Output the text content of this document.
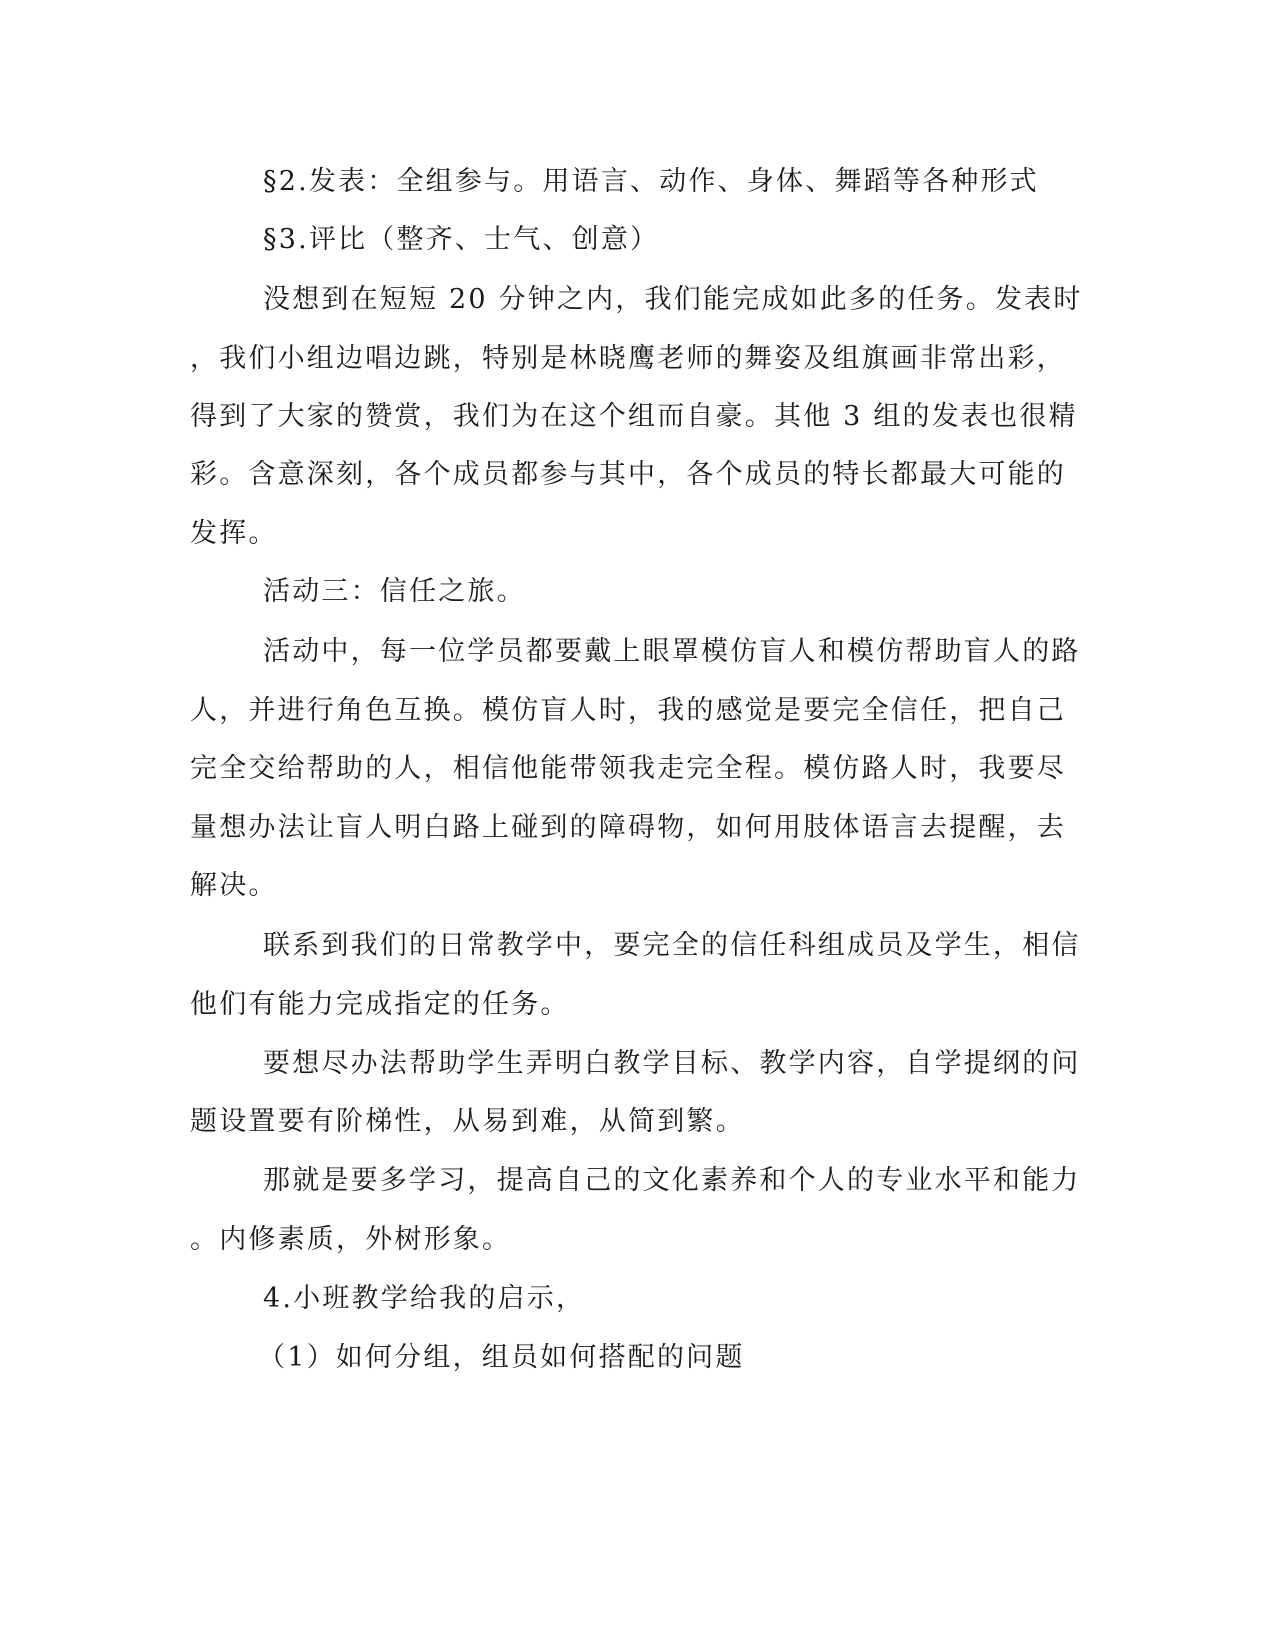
§2.发表：全组参与。用语言、动作、身体、舞蹈等各种形式
§3.评比（整齐、士气、创意）
没想到在短短 20 分钟之内，我们能完成如此多的任务。发表时
，我们小组边唱边跳，特别是林晓鹰老师的舞姿及组旗画非常出彩，
得到了大家的赞赏，我们为在这个组而自豪。其他 3 组的发表也很精
彩。含意深刻，各个成员都参与其中，各个成员的特长都最大可能的
发挥。
活动三：信任之旅。
活动中，每一位学员都要戴上眼罩模仿盲人和模仿帮助盲人的路
人，并进行角色互换。模仿盲人时，我的感觉是要完全信任，把自己
完全交给帮助的人，相信他能带领我走完全程。模仿路人时，我要尽
量想办法让盲人明白路上碰到的障碍物，如何用肢体语言去提醒，去
解决。
联系到我们的日常教学中，要完全的信任科组成员及学生，相信
他们有能力完成指定的任务。
要想尽办法帮助学生弄明白教学目标、教学内容，自学提纲的问
题设置要有阶梯性，从易到难，从简到繁。
那就是要多学习，提高自己的文化素养和个人的专业水平和能力
。内修素质，外树形象。
4.小班教学给我的启示，
（1）如何分组，组员如何搭配的问题
